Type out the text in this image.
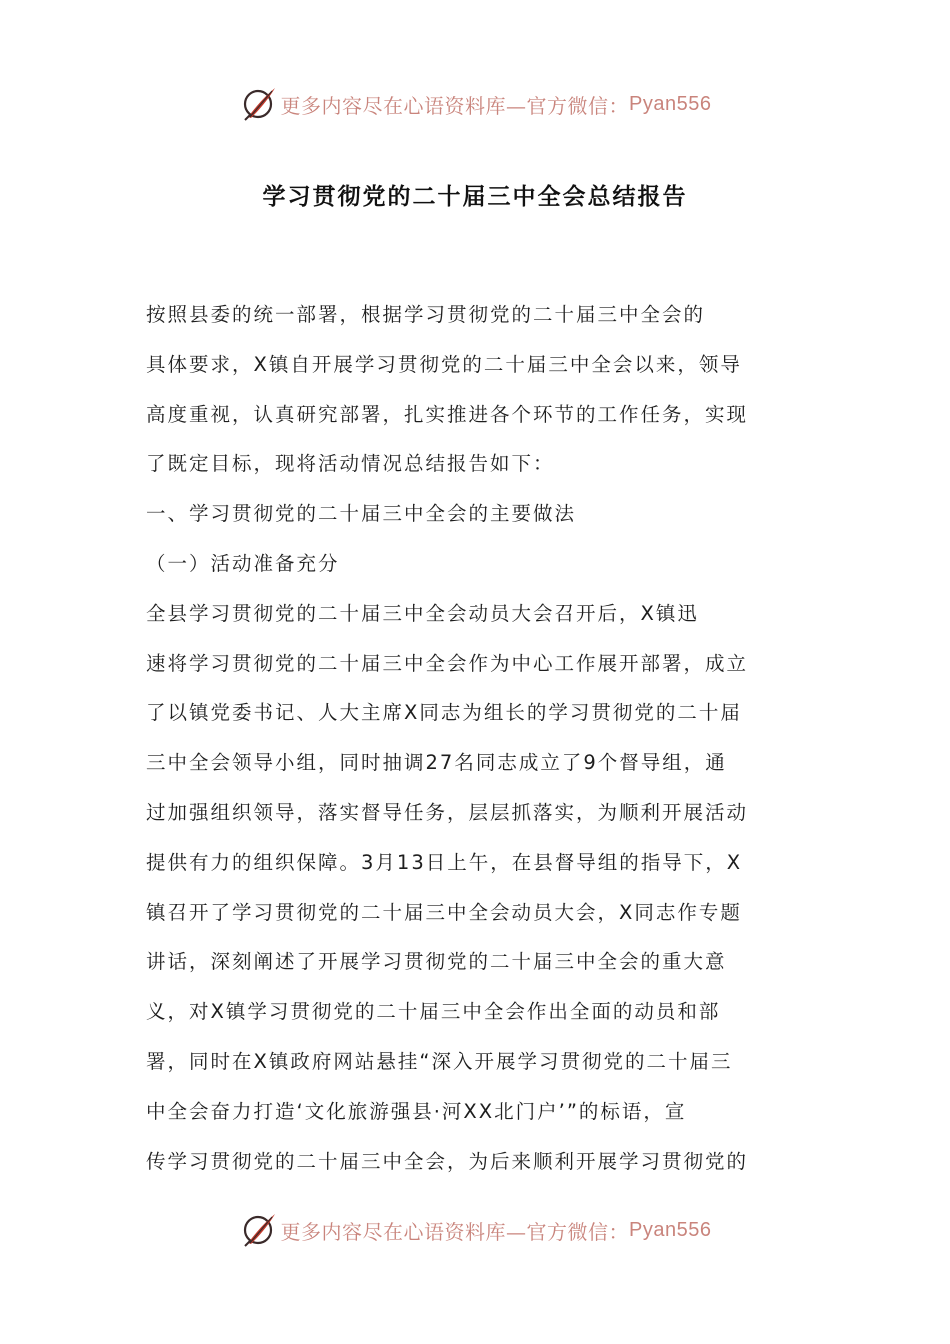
更多内容尽在心语资料库—官方微信： Pyan556
学习贯彻党的二十届三中全会总结报告
按照县委的统一部署，根据学习贯彻党的二十届三中全会的
具体要求，X镇自开展学习贯彻党的二十届三中全会以来，领导
高度重视，认真研究部署，扎实推进各个环节的工作任务，实现
了既定目标，现将活动情况总结报告如下：
一、学习贯彻党的二十届三中全会的主要做法
（一）活动准备充分
全县学习贯彻党的二十届三中全会动员大会召开后，X镇迅
速将学习贯彻党的二十届三中全会作为中心工作展开部署，成立
了以镇党委书记、人大主席X同志为组长的学习贯彻党的二十届
三中全会领导小组，同时抽调27名同志成立了9个督导组，通
过加强组织领导，落实督导任务，层层抓落实，为顺利开展活动
提供有力的组织保障。3月13日上午，在县督导组的指导下，X
镇召开了学习贯彻党的二十届三中全会动员大会，X同志作专题
讲话，深刻阐述了开展学习贯彻党的二十届三中全会的重大意
义，对X镇学习贯彻党的二十届三中全会作出全面的动员和部
署，同时在X镇政府网站悬挂“深入开展学习贯彻党的二十届三
中全会奋力打造‘文化旅游强县·河XX北门户’”的标语，宣
传学习贯彻党的二十届三中全会，为后来顺利开展学习贯彻党的
更多内容尽在心语资料库—官方微信： Pyan556
